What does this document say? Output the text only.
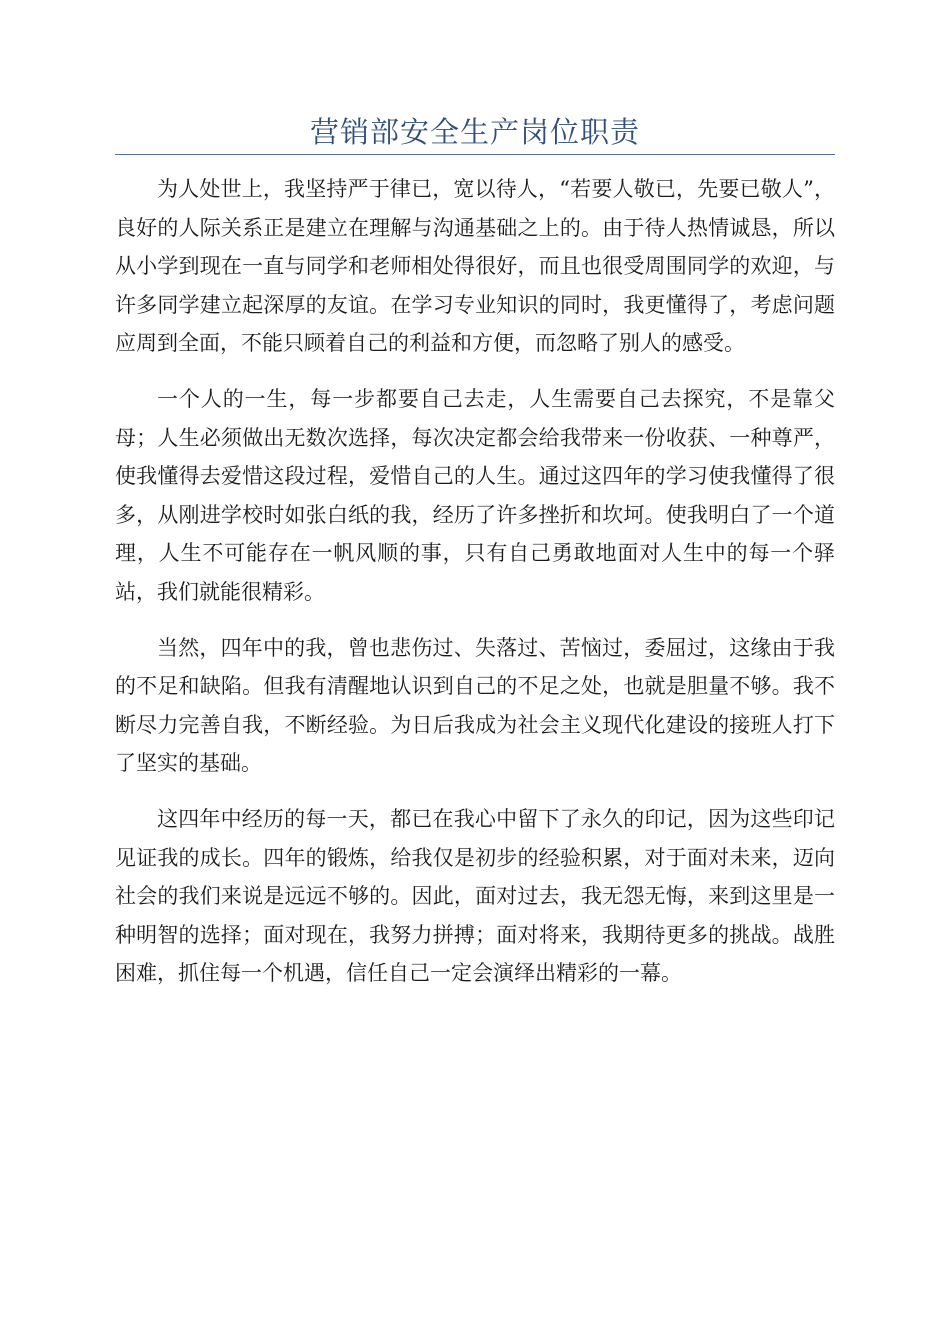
营销部安全生产岗位职责

为人处世上，我坚持严于律已，宽以待人，“若要人敬已，先要已敬人”，良好的人际关系正是建立在理解与沟通基础之上的。由于待人热情诚恳，所以从小学到现在一直与同学和老师相处得很好，而且也很受周围同学的欢迎，与许多同学建立起深厚的友谊。在学习专业知识的同时，我更懂得了，考虑问题应周到全面，不能只顾着自己的利益和方便，而忽略了别人的感受。

一个人的一生，每一步都要自己去走，人生需要自己去探究，不是靠父母；人生必须做出无数次选择，每次决定都会给我带来一份收获、一种尊严，使我懂得去爱惜这段过程，爱惜自己的人生。通过这四年的学习使我懂得了很多，从刚进学校时如张白纸的我，经历了许多挫折和坎坷。使我明白了一个道理，人生不可能存在一帆风顺的事，只有自己勇敢地面对人生中的每一个驿站，我们就能很精彩。

当然，四年中的我，曾也悲伤过、失落过、苦恼过，委屈过，这缘由于我的不足和缺陷。但我有清醒地认识到自己的不足之处，也就是胆量不够。我不断尽力完善自我，不断经验。为日后我成为社会主义现代化建设的接班人打下了坚实的基础。

这四年中经历的每一天，都已在我心中留下了永久的印记，因为这些印记见证我的成长。四年的锻炼，给我仅是初步的经验积累，对于面对未来，迈向社会的我们来说是远远不够的。因此，面对过去，我无怨无悔，来到这里是一种明智的选择；面对现在，我努力拼搏；面对将来，我期待更多的挑战。战胜困难，抓住每一个机遇，信任自己一定会演绎出精彩的一幕。
